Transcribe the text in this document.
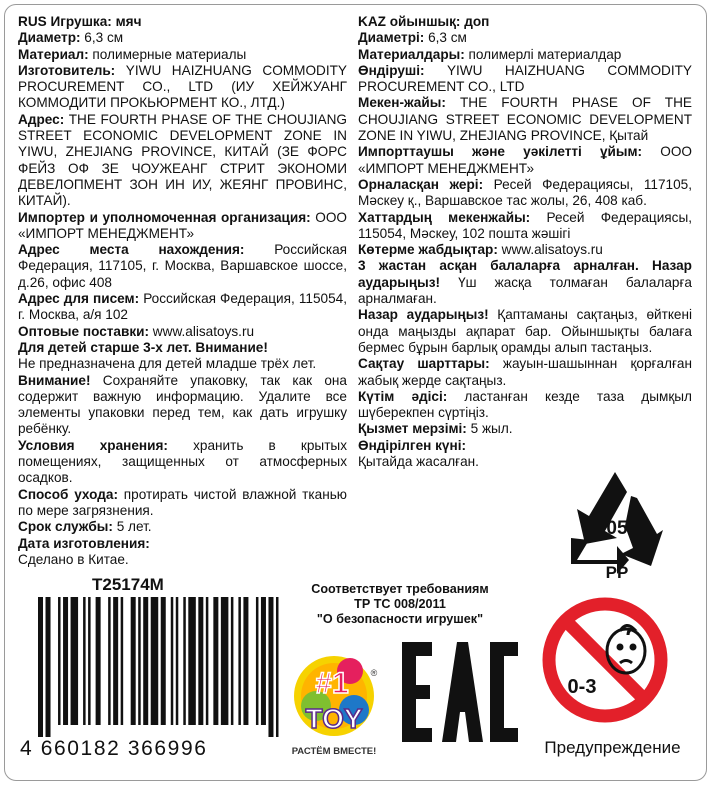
RUS Игрушка: мяч

Диаметр: 6,3 см

Материал: полимерные материалы

Изготовитель: YIWU HAIZHUANG COMMODITY PROCUREMENT CO., LTD (ИУ ХЕЙЖУАНГ КОММОДИТИ ПРОКЬЮРМЕНТ КО., ЛТД.)

Адрес: THE FOURTH PHASE OF THE CHOUJIANG STREET ECONOMIC DEVELOPMENT ZONE IN YIWU, ZHEJIANG PROVINCE, КИТАЙ (ЗЕ ФОРС ФЕЙЗ ОФ ЗЕ ЧОУЖЕАНГ СТРИТ ЭКОНОМИ ДЕВЕЛОПМЕНТ ЗОН ИН ИУ, ЖЕЯНГ ПРОВИНС, КИТАЙ).

Импортер и уполномоченная организация: ООО «ИМПОРТ МЕНЕДЖМЕНТ»

Адрес места нахождения: Российская Федерация, 117105, г. Москва, Варшавское шоссе, д.26, офис 408

Адрес для писем: Российская Федерация, 115054, г. Москва, а/я 102

Оптовые поставки: www.alisatoys.ru

Для детей старше 3-х лет. Внимание!

Не предназначена для детей младше трёх лет.

Внимание! Сохраняйте упаковку, так как она содержит важную информацию. Удалите все элементы упаковки перед тем, как дать игрушку ребёнку.

Условия хранения: хранить в крытых помещениях, защищенных от атмосферных осадков.

Способ ухода: протирать чистой влажной тканью по мере загрязнения.

Срок службы: 5 лет.

Дата изготовления:

Сделано в Китае.

KAZ ойыншық: доп

Диаметрі: 6,3 см

Материалдары: полимерлі материалдар

Өндіруші: YIWU HAIZHUANG COMMODITY PROCUREMENT CO., LTD

Мекен-жайы: THE FOURTH PHASE OF THE CHOUJIANG STREET ECONOMIC DEVELOPMENT ZONE IN YIWU, ZHEJIANG PROVINCE, Қытай

Импорттаушы және уәкілетті ұйым: ООО «ИМПОРТ МЕНЕДЖМЕНТ»

Орналасқан жері: Ресей Федерациясы, 117105, Мәскеу қ., Варшавское тас жолы, 26, 408 каб.

Хаттардың мекенжайы: Ресей Федерациясы, 115054, Мәскеу, 102 пошта жәшігі

Көтерме жабдықтар: www.alisatoys.ru

3 жастан асқан балаларға арналған. Назар аударыңыз! Үш жасқа толмаған балаларға арналмаған.

Назар аударыңыз! Қаптаманы сақтаңыз, өйткені онда маңызды ақпарат бар. Ойыншықты балаға бермес бұрын барлық орамды алып тастаңыз.

Сақтау шарттары: жауын-шашыннан қорғалған жабық жерде сақтаңыз.

Күтім әдісі: ластанған кезде таза дымқыл шүберекпен сүртіңіз.

Қызмет мерзімі: 5 жыл.

Өндірілген күні:

Қытайда жасалған.

T25174M
4 660182 366996
Соответствует требованиям
ТР ТС 008/2011
"О безопасности игрушек"
05
PP
#1
TOY
®
РАСТЁМ ВМЕСТЕ!
0-3
Предупреждение
